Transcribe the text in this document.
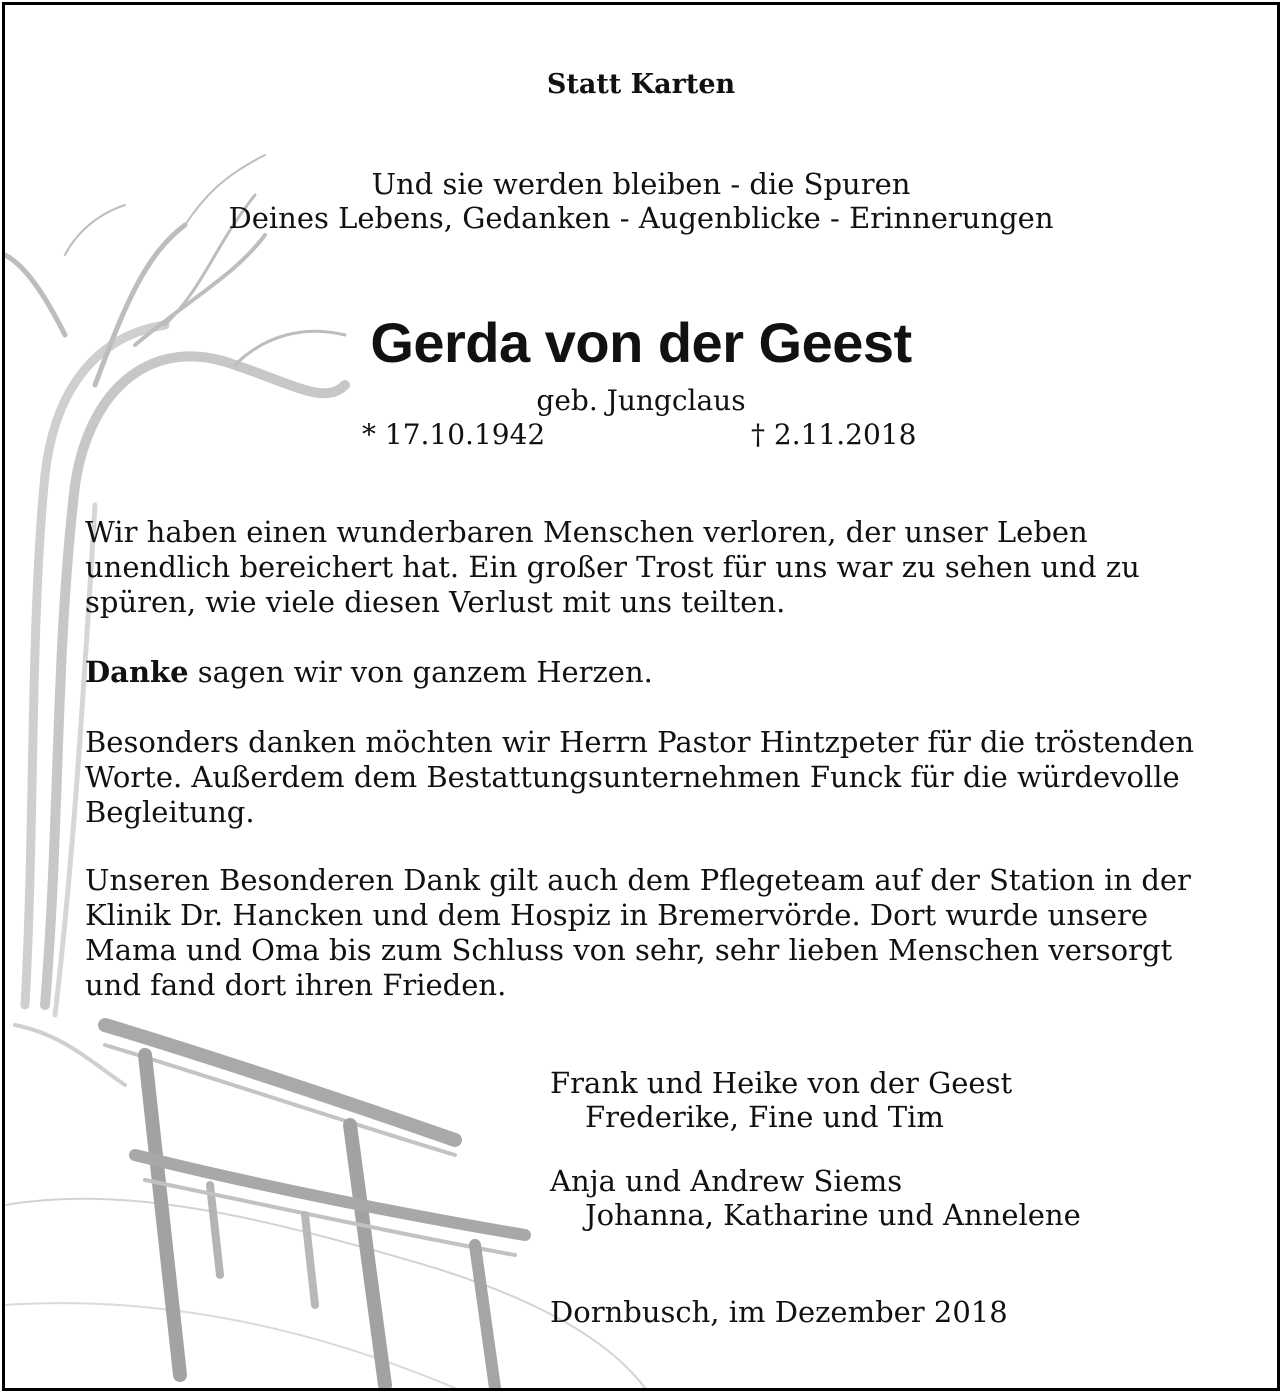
Statt Karten

Und sie werden bleiben - die Spuren

Deines Lebens, Gedanken - Augenblicke - Erinnerungen

Gerda von der Geest

geb. Jungclaus

* 17.10.1942	† 2.11.2018

Wir haben einen wunderbaren Menschen verloren, der unser Leben unendlich bereichert hat. Ein großer Trost für uns war zu sehen und zu spüren, wie viele diesen Verlust mit uns teilten.

Danke sagen wir von ganzem Herzen.

Besonders danken möchten wir Herrn Pastor Hintzpeter für die tröstenden Worte. Außerdem dem Bestattungsunternehmen Funck für die würdevolle Begleitung.

Unseren Besonderen Dank gilt auch dem Pflegeteam auf der Station in der Klinik Dr. Hancken und dem Hospiz in Bremervörde. Dort wurde unsere Mama und Oma bis zum Schluss von sehr, sehr lieben Menschen versorgt und fand dort ihren Frieden.

Frank und Heike von der Geest

Frederike, Fine und Tim

Anja und Andrew Siems

Johanna, Katharine und Annelene

Dornbusch, im Dezember 2018
